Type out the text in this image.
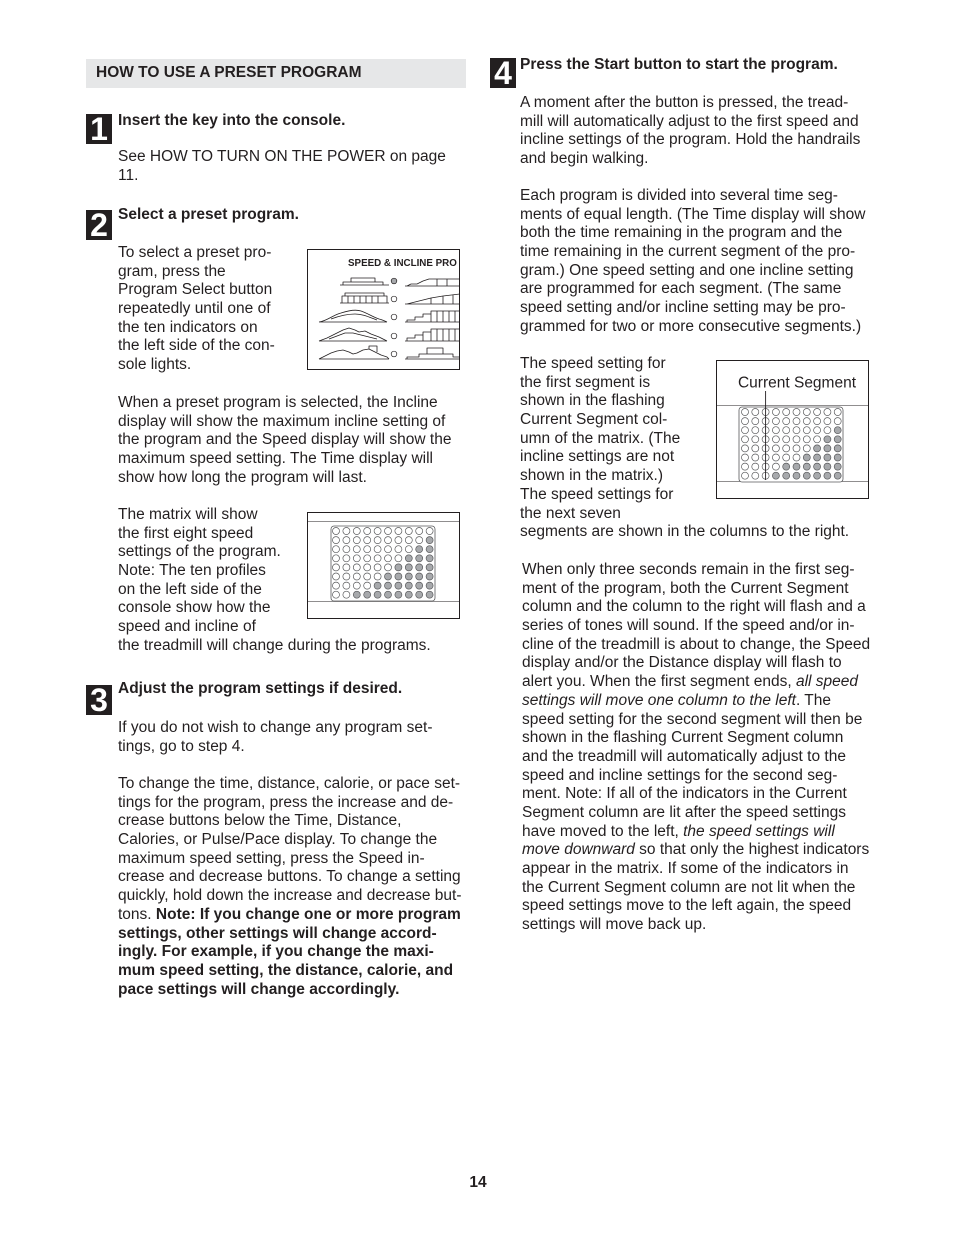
HOW TO USE A PRESET PROGRAM
1 Insert the key into the console.
See HOW TO TURN ON THE POWER on page
11.
2 Select a preset program.
To select a preset pro-
gram, press the
Program Select button
repeatedly until one of
the ten indicators on
the left side of the con-
sole lights.
SPEED & INCLINE PRO
When a preset program is selected, the Incline
display will show the maximum incline setting of
the program and the Speed display will show the
maximum speed setting. The Time display will
show how long the program will last.
The matrix will show
the first eight speed
settings of the program.
Note: The ten profiles
on the left side of the
console show how the
speed and incline of
the treadmill will change during the programs.
3 Adjust the program settings if desired.
If you do not wish to change any program set-
tings, go to step 4.
To change the time, distance, calorie, or pace set-
tings for the program, press the increase and de-
crease buttons below the Time, Distance,
Calories, or Pulse/Pace display. To change the
maximum speed setting, press the Speed in-
crease and decrease buttons. To change a setting
quickly, hold down the increase and decrease but-
tons. Note: If you change one or more program
settings, other settings will change accord-
ingly. For example, if you change the maxi-
mum speed setting, the distance, calorie, and
pace settings will change accordingly.
4 Press the Start button to start the program.
A moment after the button is pressed, the tread-
mill will automatically adjust to the first speed and
incline settings of the program. Hold the handrails
and begin walking.
Each program is divided into several time seg-
ments of equal length. (The Time display will show
both the time remaining in the program and the
time remaining in the current segment of the pro-
gram.) One speed setting and one incline setting
are programmed for each segment. (The same
speed setting and/or incline setting may be pro-
grammed for two or more consecutive segments.)
The speed setting for
the first segment is
shown in the flashing
Current Segment col-
umn of the matrix. (The
incline settings are not
shown in the matrix.)
The speed settings for
the next seven
segments are shown in the columns to the right.
Current Segment
When only three seconds remain in the first seg-
ment of the program, both the Current Segment
column and the column to the right will flash and a
series of tones will sound. If the speed and/or in-
cline of the treadmill is about to change, the Speed
display and/or the Distance display will flash to
alert you. When the first segment ends, all speed
settings will move one column to the left. The
speed setting for the second segment will then be
shown in the flashing Current Segment column
and the treadmill will automatically adjust to the
speed and incline settings for the second seg-
ment. Note: If all of the indicators in the Current
Segment column are lit after the speed settings
have moved to the left, the speed settings will
move downward so that only the highest indicators
appear in the matrix. If some of the indicators in
the Current Segment column are not lit when the
speed settings move to the left again, the speed
settings will move back up.
14
